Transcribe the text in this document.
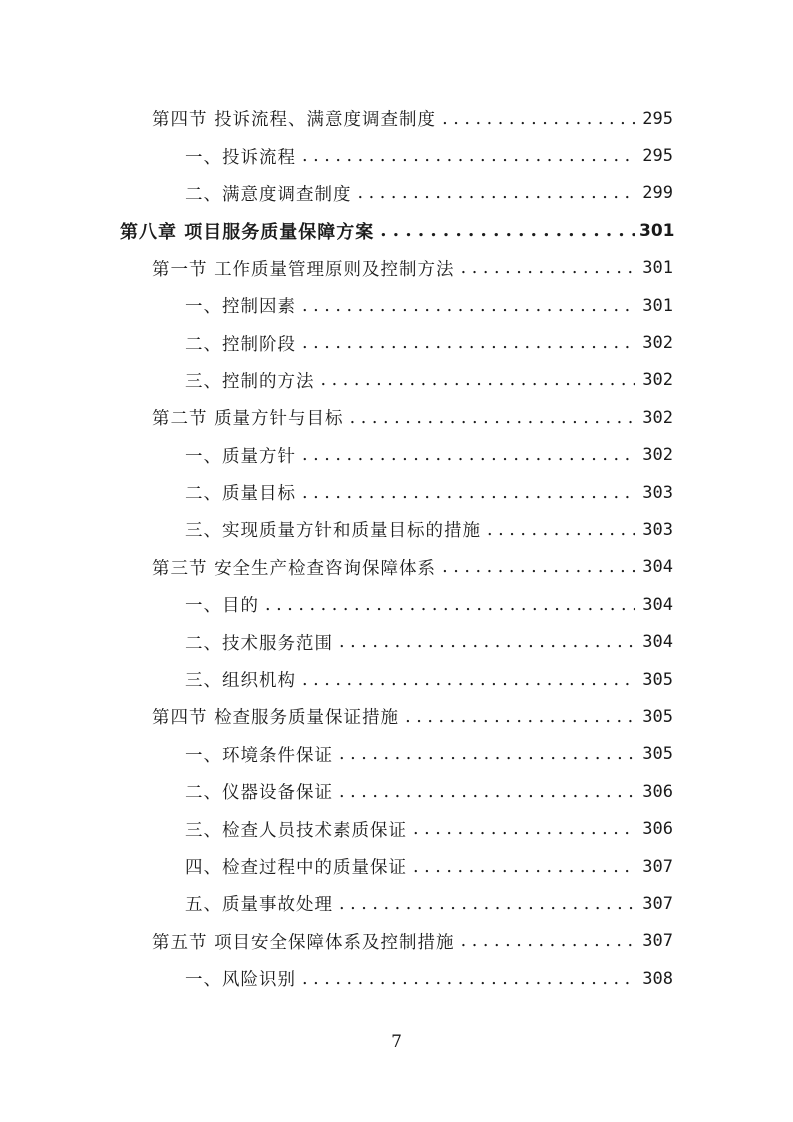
第四节 投诉流程、满意度调查制度 . . .	295
一、投诉流程 . . .	295
二、满意度调查制度 . . .	299
第八章 项目服务质量保障方案 . . .	301
第一节 工作质量管理原则及控制方法 . . .	301
一、控制因素 . . .	301
二、控制阶段 . . .	302
三、控制的方法 . . .	302
第二节 质量方针与目标 . . .	302
一、质量方针 . . .	302
二、质量目标 . . .	303
三、实现质量方针和质量目标的措施 . . .	303
第三节 安全生产检查咨询保障体系 . . .	304
一、目的 . . .	304
二、技术服务范围 . . .	304
三、组织机构 . . .	305
第四节 检查服务质量保证措施 . . .	305
一、环境条件保证 . . .	305
二、仪器设备保证 . . .	306
三、检查人员技术素质保证 . . .	306
四、检查过程中的质量保证 . . .	307
五、质量事故处理 . . .	307
第五节 项目安全保障体系及控制措施 . . .	307
一、风险识别 . . .	308
7
